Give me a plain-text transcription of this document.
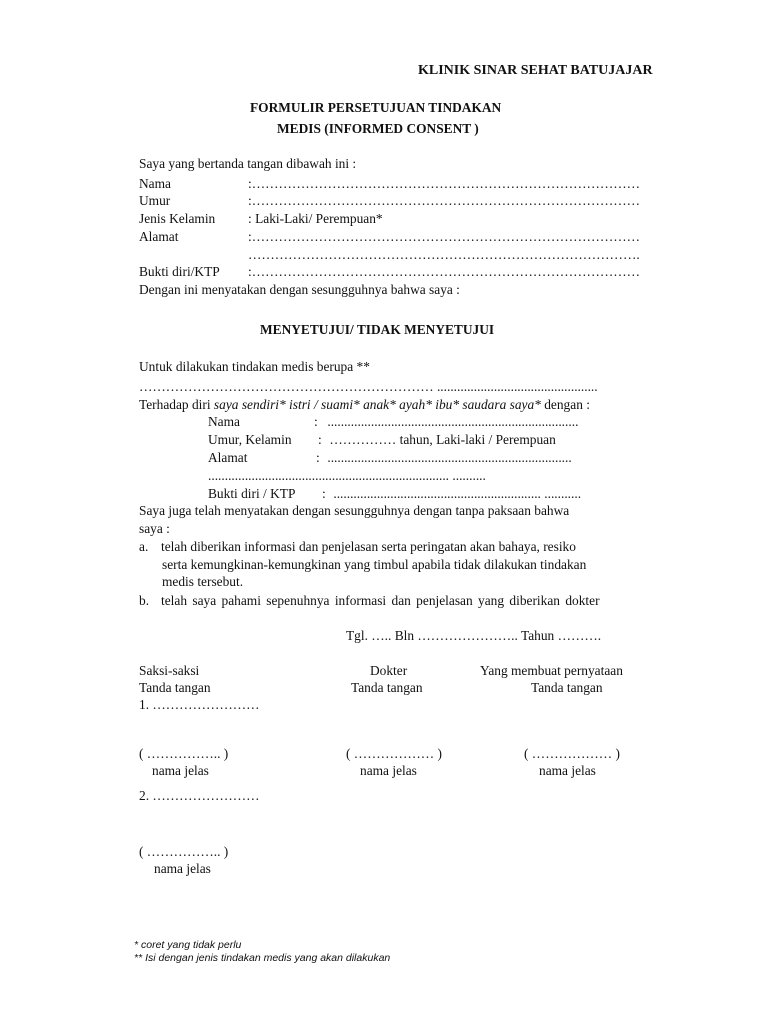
KLINIK SINAR SEHAT BATUJAJAR
FORMULIR PERSETUJUAN TINDAKAN
MEDIS (INFORMED CONSENT )
Saya yang bertanda tangan dibawah ini :
Nama	:……………………………………………………………………………
Umur	:……………………………………………………………………………
Jenis Kelamin : Laki-Laki/ Perempuan*
Alamat	:……………………………………………………………………………
…………………………………………………………………………….
Bukti diri/KTP :……………………………………………………………………………
Dengan ini menyatakan dengan sesungguhnya bahwa saya :
MENYETUJUI/ TIDAK MENYETUJUI
Untuk dilakukan tindakan medis berupa **
………………………………………………………… ................................................
Terhadap diri saya sendiri* istri / suami* anak* ayah* ibu* saudara saya* dengan :
Nama	: ...........................................................................
Umur, Kelamin : …………… tahun, Laki-laki / Perempuan
Alamat	: .........................................................................
........................................................................ ..........
Bukti diri / KTP : .............................................................. ...........
Saya juga telah menyatakan dengan sesungguhnya dengan tanpa paksaan bahwa
saya :
a. telah diberikan informasi dan penjelasan serta peringatan akan bahaya, resiko
serta kemungkinan-kemungkinan yang timbul apabila tidak dilakukan tindakan
medis tersebut.
b. telah saya pahami sepenuhnya informasi dan penjelasan yang diberikan dokter
Tgl. ….. Bln ………………….. Tahun ……….
Saksi-saksi	Dokter	Yang membuat pernyataan
Tanda tangan	Tanda tangan	Tanda tangan
1. ……………………
( …………….. )	( ……………… )	( ……………… )
nama jelas	nama jelas	nama jelas
2. ……………………
( …………….. )
nama jelas
* coret yang tidak perlu
** Isi dengan jenis tindakan medis yang akan dilakukan
